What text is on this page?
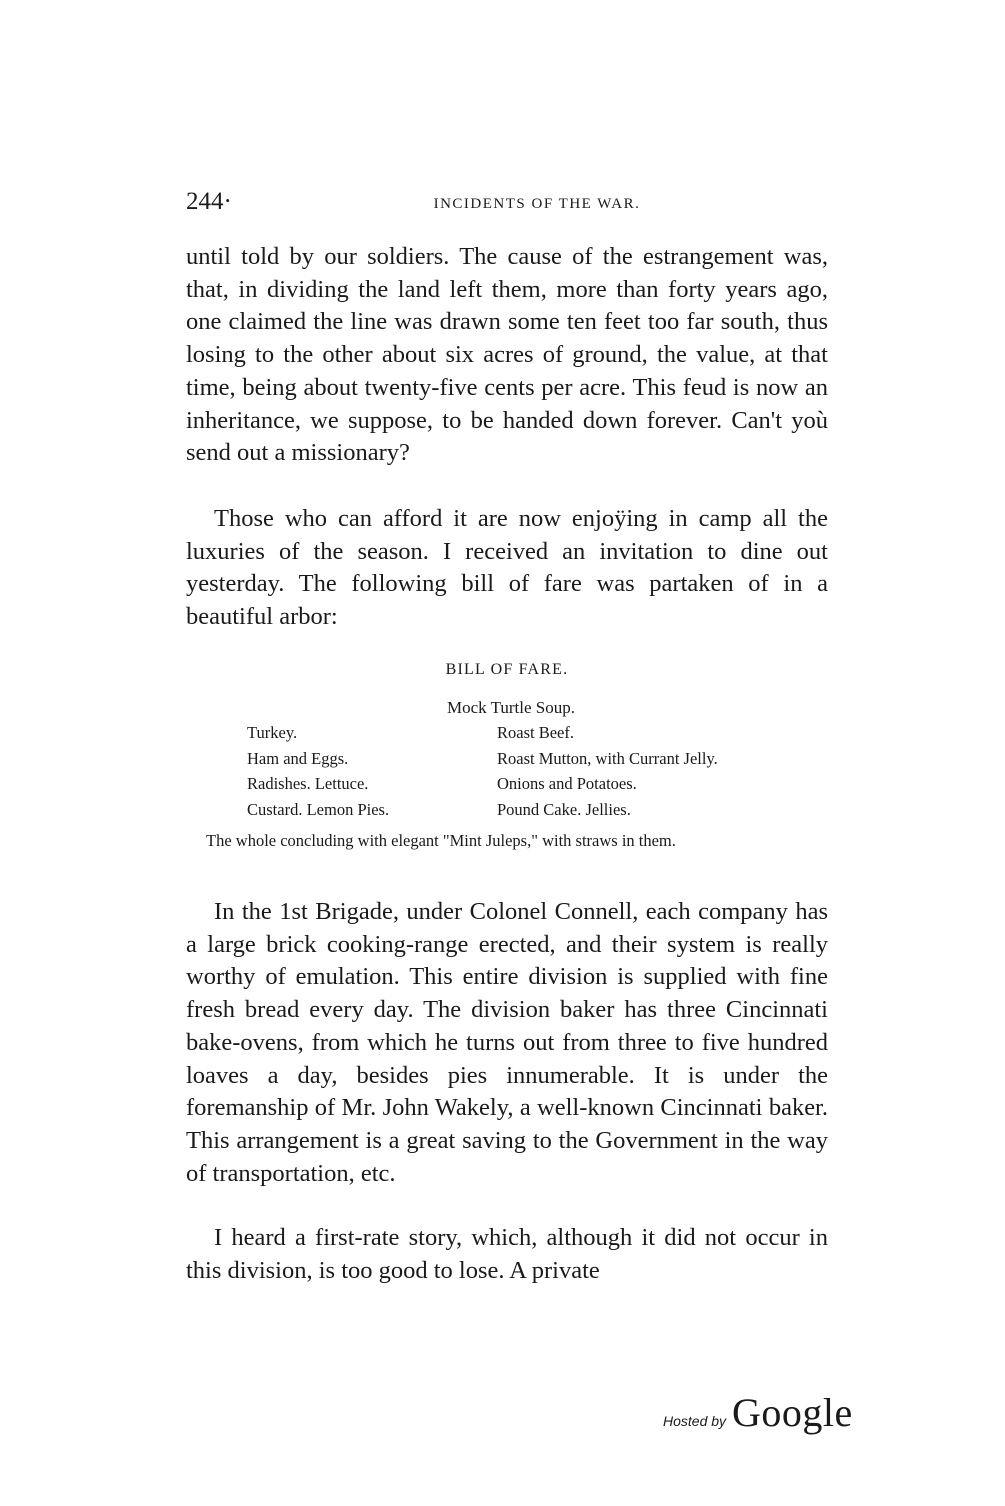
244·	INCIDENTS OF THE WAR.

until told by our soldiers. The cause of the estrangement was, that, in dividing the land left them, more than forty years ago, one claimed the line was drawn some ten feet too far south, thus losing to the other about six acres of ground, the value, at that time, being about twenty-five cents per acre. This feud is now an inheritance, we suppose, to be handed down forever. Can't yoù send out a missionary?

Those who can afford it are now enjoÿing in camp all the luxuries of the season. I received an invitation to dine out yesterday. The following bill of fare was partaken of in a beautiful arbor:

BILL OF FARE.
Mock Turtle Soup.
Turkey.	Roast Beef.
Ham and Eggs.	Roast Mutton, with Currant Jelly.
Radishes. Lettuce.	Onions and Potatoes.
Custard. Lemon Pies.	Pound Cake. Jellies.

The whole concluding with elegant "Mint Juleps," with straws in them.

In the 1st Brigade, under Colonel Connell, each company has a large brick cooking-range erected, and their system is really worthy of emulation. This entire division is supplied with fine fresh bread every day. The division baker has three Cincinnati bake-ovens, from which he turns out from three to five hundred loaves a day, besides pies innumerable. It is under the foremanship of Mr. John Wakely, a well-known Cincinnati baker. This arrangement is a great saving to the Government in the way of transportation, etc.

I heard a first-rate story, which, although it did not occur in this division, is too good to lose. A private

Hosted by Google
